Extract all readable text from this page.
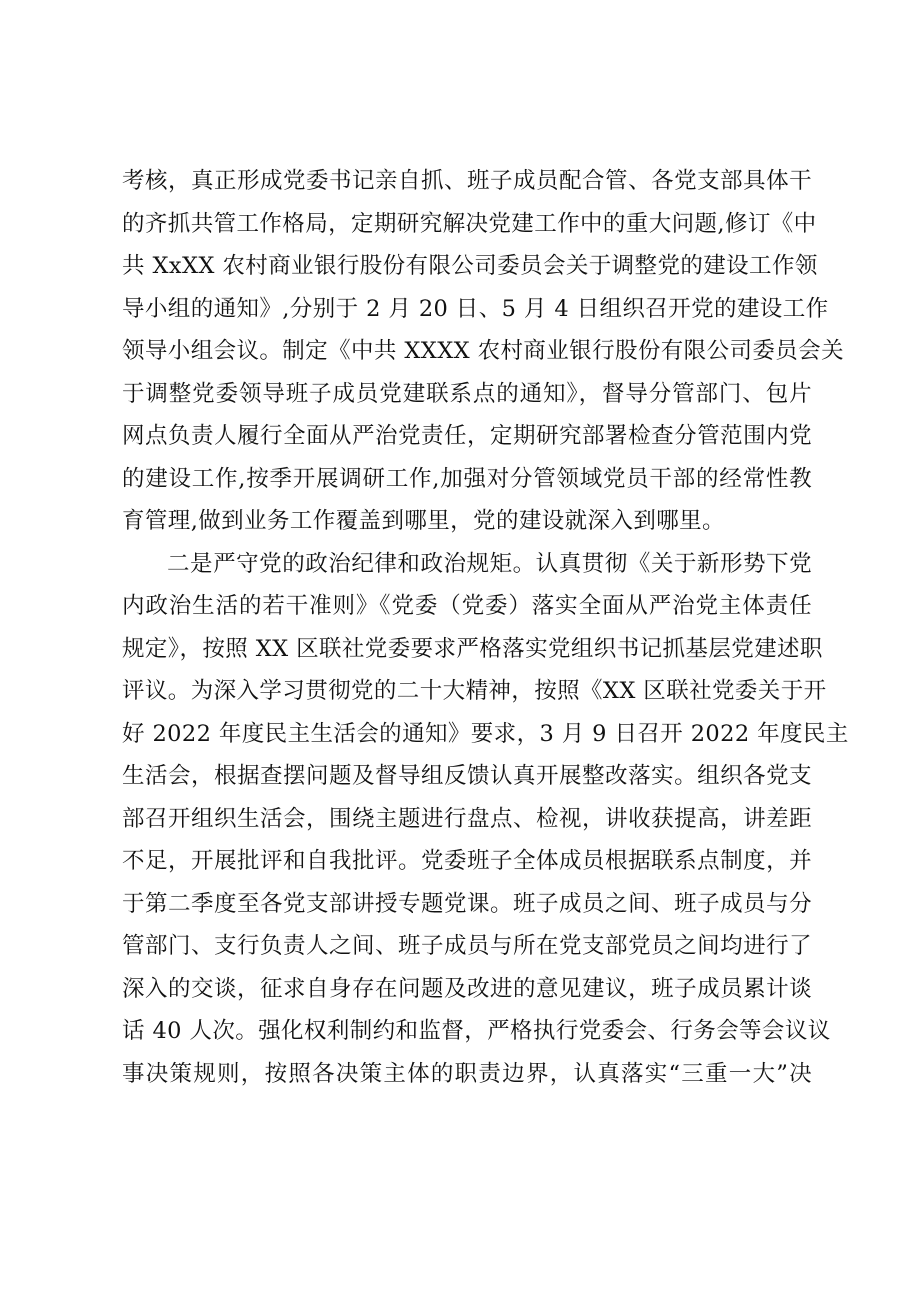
考核，真正形成党委书记亲自抓、班子成员配合管、各党支部具体干
的齐抓共管工作格局，定期研究解决党建工作中的重大问题,修订《中
共 XxXX 农村商业银行股份有限公司委员会关于调整党的建设工作领
导小组的通知》,分别于 2 月 20 日、5 月 4 日组织召开党的建设工作
领导小组会议。制定《中共 XXXX 农村商业银行股份有限公司委员会关
于调整党委领导班子成员党建联系点的通知》，督导分管部门、包片
网点负责人履行全面从严治党责任，定期研究部署检查分管范围内党
的建设工作,按季开展调研工作,加强对分管领域党员干部的经常性教
育管理,做到业务工作覆盖到哪里，党的建设就深入到哪里。
二是严守党的政治纪律和政治规矩。认真贯彻《关于新形势下党
内政治生活的若干准则》《党委（党委）落实全面从严治党主体责任
规定》，按照 XX 区联社党委要求严格落实党组织书记抓基层党建述职
评议。为深入学习贯彻党的二十大精神，按照《XX 区联社党委关于开
好 2022 年度民主生活会的通知》要求，3 月 9 日召开 2022 年度民主
生活会，根据查摆问题及督导组反馈认真开展整改落实。组织各党支
部召开组织生活会，围绕主题进行盘点、检视，讲收获提高，讲差距
不足，开展批评和自我批评。党委班子全体成员根据联系点制度，并
于第二季度至各党支部讲授专题党课。班子成员之间、班子成员与分
管部门、支行负责人之间、班子成员与所在党支部党员之间均进行了
深入的交谈，征求自身存在问题及改进的意见建议，班子成员累计谈
话 40 人次。强化权利制约和监督，严格执行党委会、行务会等会议议
事决策规则，按照各决策主体的职责边界，认真落实“三重一大”决
